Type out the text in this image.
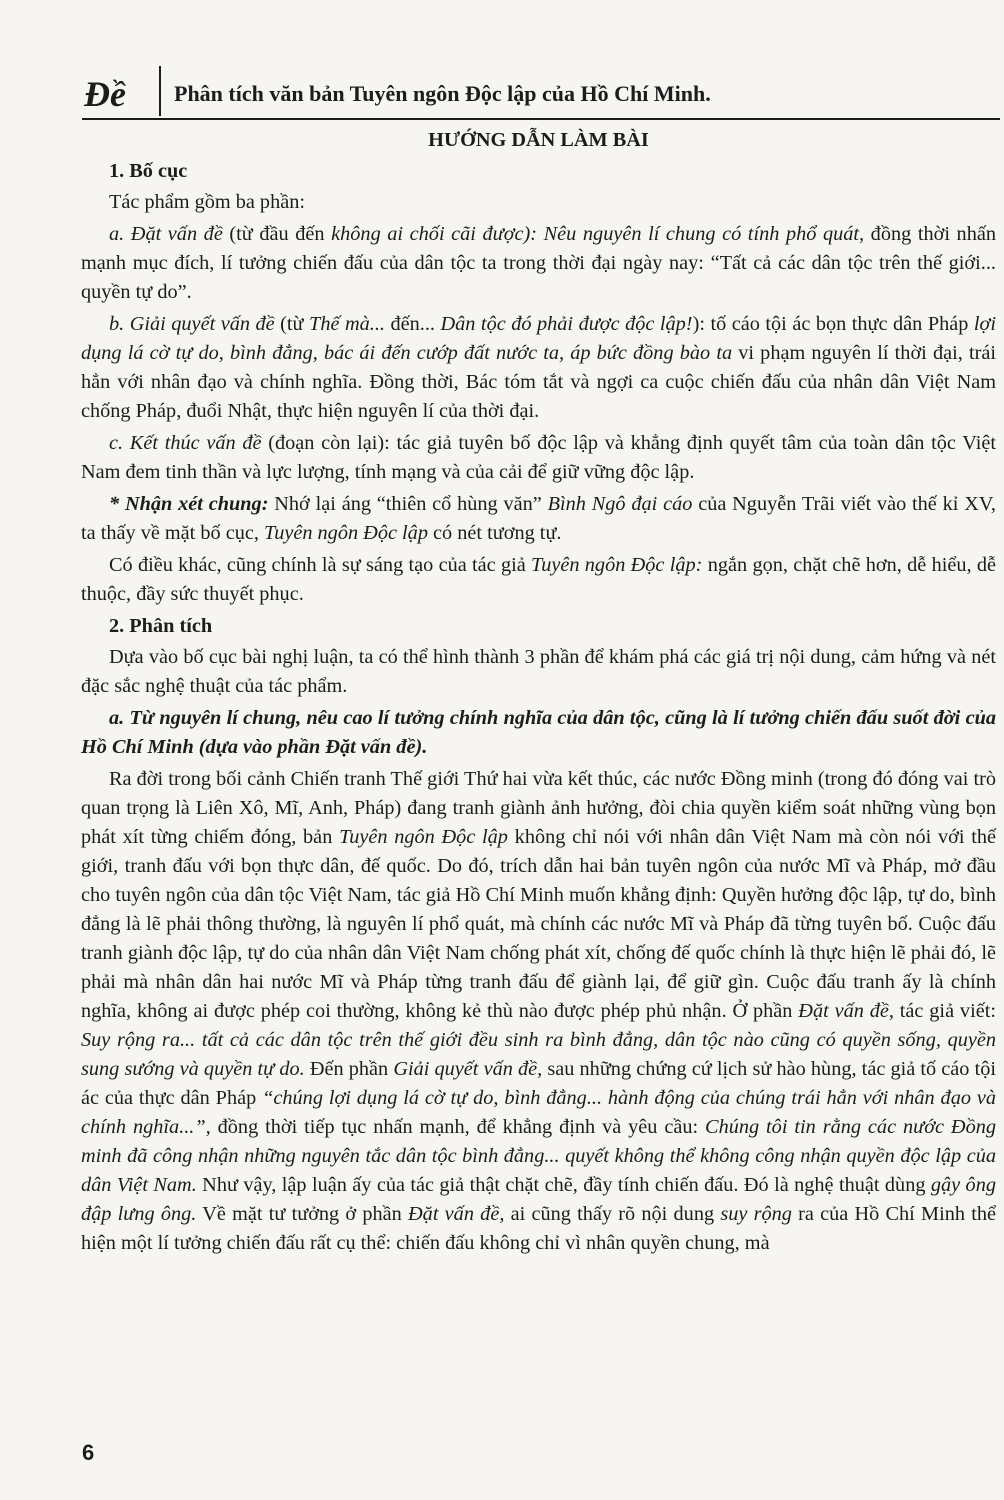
Đề Phân tích văn bản Tuyên ngôn Độc lập của Hồ Chí Minh.
HƯỚNG DẪN LÀM BÀI
1. Bố cục

Tác phẩm gồm ba phần:

a. Đặt vấn đề (từ đầu đến không ai chối cãi được): Nêu nguyên lí chung có tính phổ quát, đồng thời nhấn mạnh mục đích, lí tưởng chiến đấu của dân tộc ta trong thời đại ngày nay: “Tất cả các dân tộc trên thế giới... quyền tự do”.

b. Giải quyết vấn đề (từ Thế mà... đến... Dân tộc đó phải được độc lập!): tố cáo tội ác bọn thực dân Pháp lợi dụng lá cờ tự do, bình đẳng, bác ái đến cướp đất nước ta, áp bức đồng bào ta vi phạm nguyên lí thời đại, trái hẳn với nhân đạo và chính nghĩa. Đồng thời, Bác tóm tắt và ngợi ca cuộc chiến đấu của nhân dân Việt Nam chống Pháp, đuổi Nhật, thực hiện nguyên lí của thời đại.

c. Kết thúc vấn đề (đoạn còn lại): tác giả tuyên bố độc lập và khẳng định quyết tâm của toàn dân tộc Việt Nam đem tinh thần và lực lượng, tính mạng và của cải để giữ vững độc lập.

* Nhận xét chung: Nhớ lại áng “thiên cổ hùng văn” Bình Ngô đại cáo của Nguyễn Trãi viết vào thế kỉ XV, ta thấy về mặt bố cục, Tuyên ngôn Độc lập có nét tương tự.

Có điều khác, cũng chính là sự sáng tạo của tác giả Tuyên ngôn Độc lập: ngắn gọn, chặt chẽ hơn, dễ hiểu, dễ thuộc, đầy sức thuyết phục.

2. Phân tích

Dựa vào bố cục bài nghị luận, ta có thể hình thành 3 phần để khám phá các giá trị nội dung, cảm hứng và nét đặc sắc nghệ thuật của tác phẩm.

a. Từ nguyên lí chung, nêu cao lí tưởng chính nghĩa của dân tộc, cũng là lí tưởng chiến đấu suốt đời của Hồ Chí Minh (dựa vào phần Đặt vấn đề).

Ra đời trong bối cảnh Chiến tranh Thế giới Thứ hai vừa kết thúc, các nước Đồng minh (trong đó đóng vai trò quan trọng là Liên Xô, Mĩ, Anh, Pháp) đang tranh giành ảnh hưởng, đòi chia quyền kiểm soát những vùng bọn phát xít từng chiếm đóng, bản Tuyên ngôn Độc lập không chỉ nói với nhân dân Việt Nam mà còn nói với thế giới, tranh đấu với bọn thực dân, đế quốc. Do đó, trích dẫn hai bản tuyên ngôn của nước Mĩ và Pháp, mở đầu cho tuyên ngôn của dân tộc Việt Nam, tác giả Hồ Chí Minh muốn khẳng định: Quyền hưởng độc lập, tự do, bình đẳng là lẽ phải thông thường, là nguyên lí phổ quát, mà chính các nước Mĩ và Pháp đã từng tuyên bố. Cuộc đấu tranh giành độc lập, tự do của nhân dân Việt Nam chống phát xít, chống đế quốc chính là thực hiện lẽ phải đó, lẽ phải mà nhân dân hai nước Mĩ và Pháp từng tranh đấu để giành lại, để giữ gìn. Cuộc đấu tranh ấy là chính nghĩa, không ai được phép coi thường, không kẻ thù nào được phép phủ nhận. Ở phần Đặt vấn đề, tác giả viết: Suy rộng ra... tất cả các dân tộc trên thế giới đều sinh ra bình đẳng, dân tộc nào cũng có quyền sống, quyền sung sướng và quyền tự do. Đến phần Giải quyết vấn đề, sau những chứng cứ lịch sử hào hùng, tác giả tố cáo tội ác của thực dân Pháp “chúng lợi dụng lá cờ tự do, bình đẳng... hành động của chúng trái hẳn với nhân đạo và chính nghĩa...”, đồng thời tiếp tục nhấn mạnh, để khẳng định và yêu cầu: Chúng tôi tin rằng các nước Đồng minh đã công nhận những nguyên tắc dân tộc bình đẳng... quyết không thể không công nhận quyền độc lập của dân Việt Nam. Như vậy, lập luận ấy của tác giả thật chặt chẽ, đầy tính chiến đấu. Đó là nghệ thuật dùng gậy ông đập lưng ông. Về mặt tư tưởng ở phần Đặt vấn đề, ai cũng thấy rõ nội dung suy rộng ra của Hồ Chí Minh thể hiện một lí tưởng chiến đấu rất cụ thể: chiến đấu không chỉ vì nhân quyền chung, mà

6
